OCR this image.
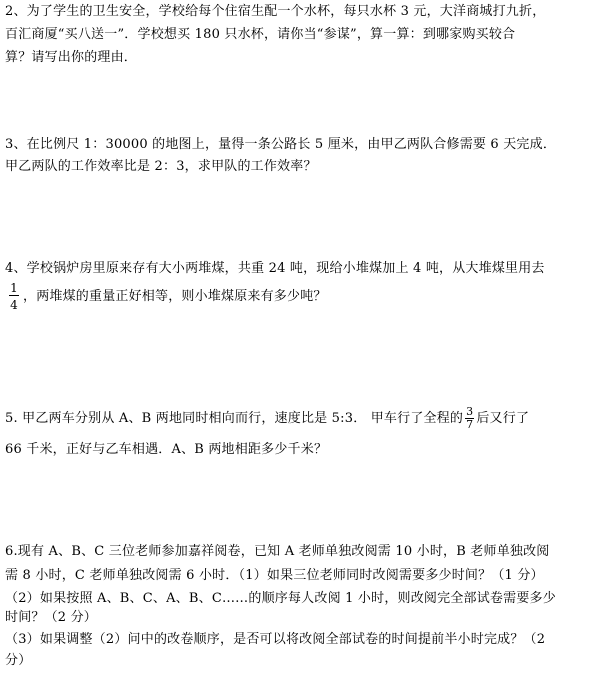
2、为了学生的卫生安全，学校给每个住宿生配一个水杯，每只水杯 3 元，大洋商城打九折，
百汇商厦“买八送一”．学校想买 180 只水杯，请你当“参谋”，算一算：到哪家购买较合
算？请写出你的理由．
3、在比例尺 1：30000 的地图上，量得一条公路长 5 厘米，由甲乙两队合修需要 6 天完成．
甲乙两队的工作效率比是 2：3，求甲队的工作效率？
4、学校锅炉房里原来存有大小两堆煤，共重 24 吨，现给小堆煤加上 4 吨，从大堆煤里用去
$\frac{1}{4}$ ，两堆煤的重量正好相等，则小堆煤原来有多少吨？
5. 甲乙两车分别从 A、B 两地同时相向而行，速度比是 5:3． 甲车行了全程的 $\frac{3}{7}$ 后又行了
66 千米，正好与乙车相遇．A、B 两地相距多少千米？
6.现有 A、B、C 三位老师参加嘉祥阅卷，已知 A 老师单独改阅需 10 小时，B 老师单独改阅
需 8 小时，C 老师单独改阅需 6 小时．（1）如果三位老师同时改阅需要多少时间？（1 分）
（2）如果按照 A、B、C、A、B、C……的顺序每人改阅 1 小时，则改阅完全部试卷需要多少
时间？（2 分）
（3）如果调整（2）问中的改卷顺序，是否可以将改阅全部试卷的时间提前半小时完成？（2
分）
